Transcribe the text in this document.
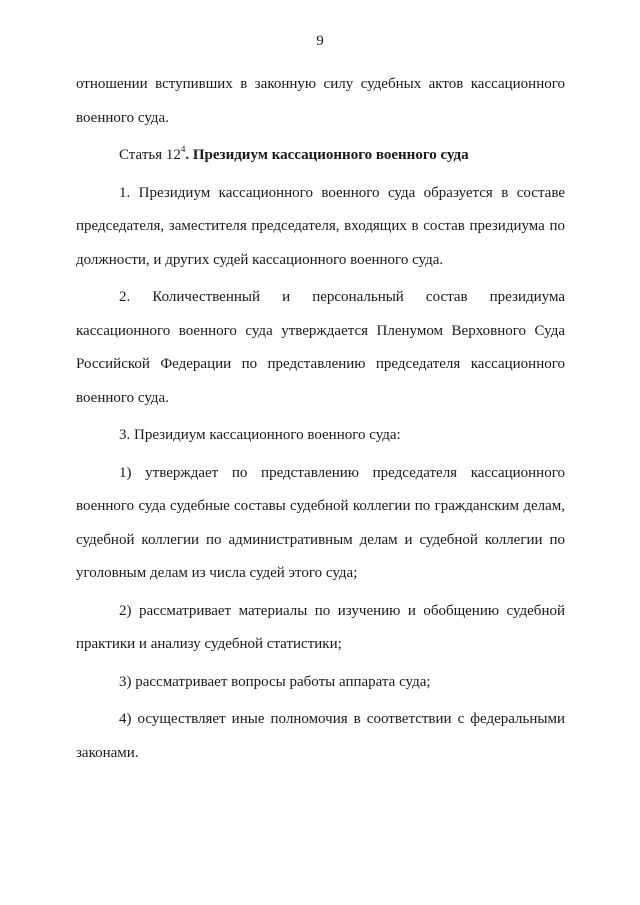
9

отношении вступивших в законную силу судебных актов кассационного военного суда.

Статья $12^4$. Президиум кассационного военного суда

1. Президиум кассационного военного суда образуется в составе председателя, заместителя председателя, входящих в состав президиума по должности, и других судей кассационного военного суда.

2. Количественный и персональный состав президиума

кассационного военного суда утверждается Пленумом Верховного Суда Российской Федерации по представлению председателя кассационного военного суда.

3. Президиум кассационного военного суда:

1) утверждает по представлению председателя кассационного военного суда судебные составы судебной коллегии по гражданским делам, судебной коллегии по административным делам и судебной коллегии по уголовным делам из числа судей этого суда;

2) рассматривает материалы по изучению и обобщению судебной практики и анализу судебной статистики;

3) рассматривает вопросы работы аппарата суда;

4) осуществляет иные полномочия в соответствии с федеральными законами.
